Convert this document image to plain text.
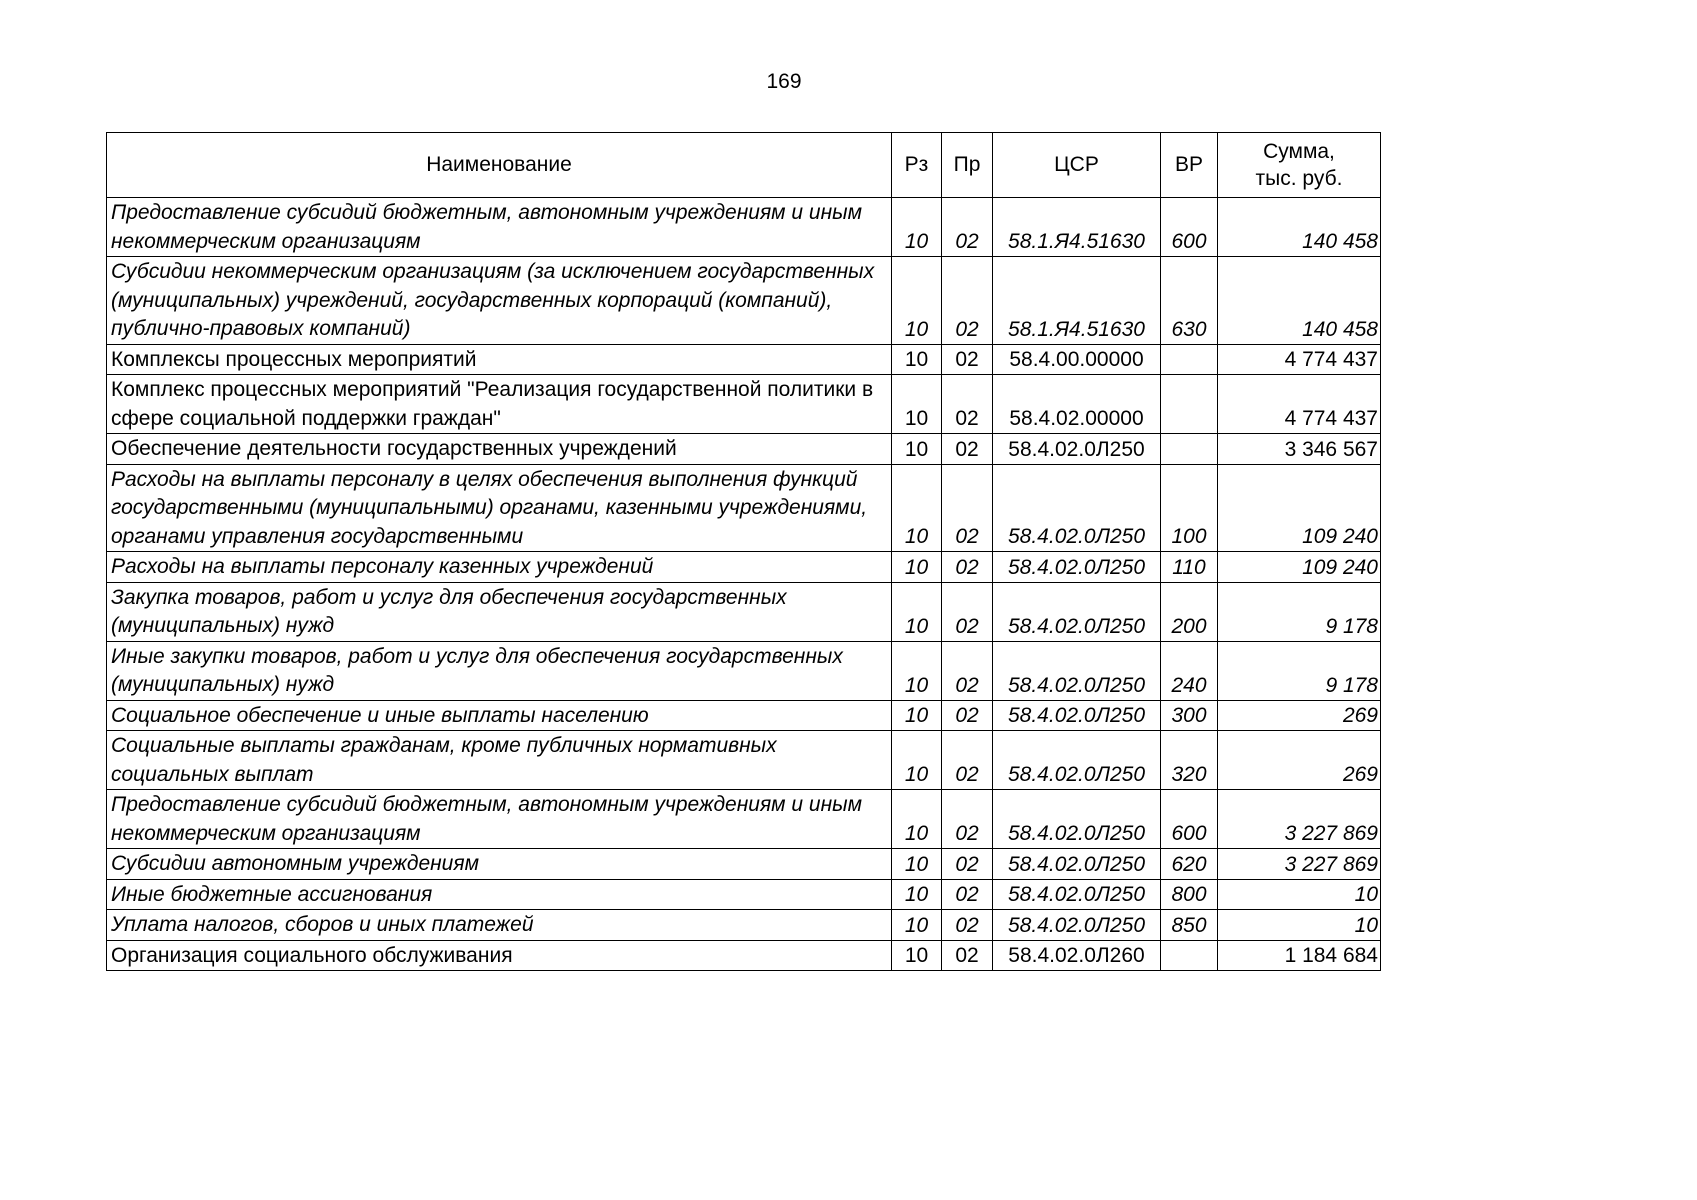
169
Наименование	Рз	Пр	ЦСР	ВР	Сумма,
тыс. руб.
Предоставление субсидий бюджетным, автономным учреждениям и иным некоммерческим организациям	10	02	58.1.Я4.51630	600	140 458
Субсидии некоммерческим организациям (за исключением государственных (муниципальных) учреждений, государственных корпораций (компаний), публично-правовых компаний)	10	02	58.1.Я4.51630	630	140 458
Комплексы процессных мероприятий	10	02	58.4.00.00000		4 774 437
Комплекс процессных мероприятий "Реализация государственной политики в сфере социальной поддержки граждан"	10	02	58.4.02.00000		4 774 437
Обеспечение деятельности государственных учреждений	10	02	58.4.02.0Л250		3 346 567
Расходы на выплаты персоналу в целях обеспечения выполнения функций государственными (муниципальными) органами, казенными учреждениями, органами управления государственными	10	02	58.4.02.0Л250	100	109 240
Расходы на выплаты персоналу казенных учреждений	10	02	58.4.02.0Л250	110	109 240
Закупка товаров, работ и услуг для обеспечения государственных (муниципальных) нужд	10	02	58.4.02.0Л250	200	9 178
Иные закупки товаров, работ и услуг для обеспечения государственных (муниципальных) нужд	10	02	58.4.02.0Л250	240	9 178
Социальное обеспечение и иные выплаты населению	10	02	58.4.02.0Л250	300	269
Социальные выплаты гражданам, кроме публичных нормативных социальных выплат	10	02	58.4.02.0Л250	320	269
Предоставление субсидий бюджетным, автономным учреждениям и иным некоммерческим организациям	10	02	58.4.02.0Л250	600	3 227 869
Субсидии автономным учреждениям	10	02	58.4.02.0Л250	620	3 227 869
Иные бюджетные ассигнования	10	02	58.4.02.0Л250	800	10
Уплата налогов, сборов и иных платежей	10	02	58.4.02.0Л250	850	10
Организация социального обслуживания	10	02	58.4.02.0Л260		1 184 684
